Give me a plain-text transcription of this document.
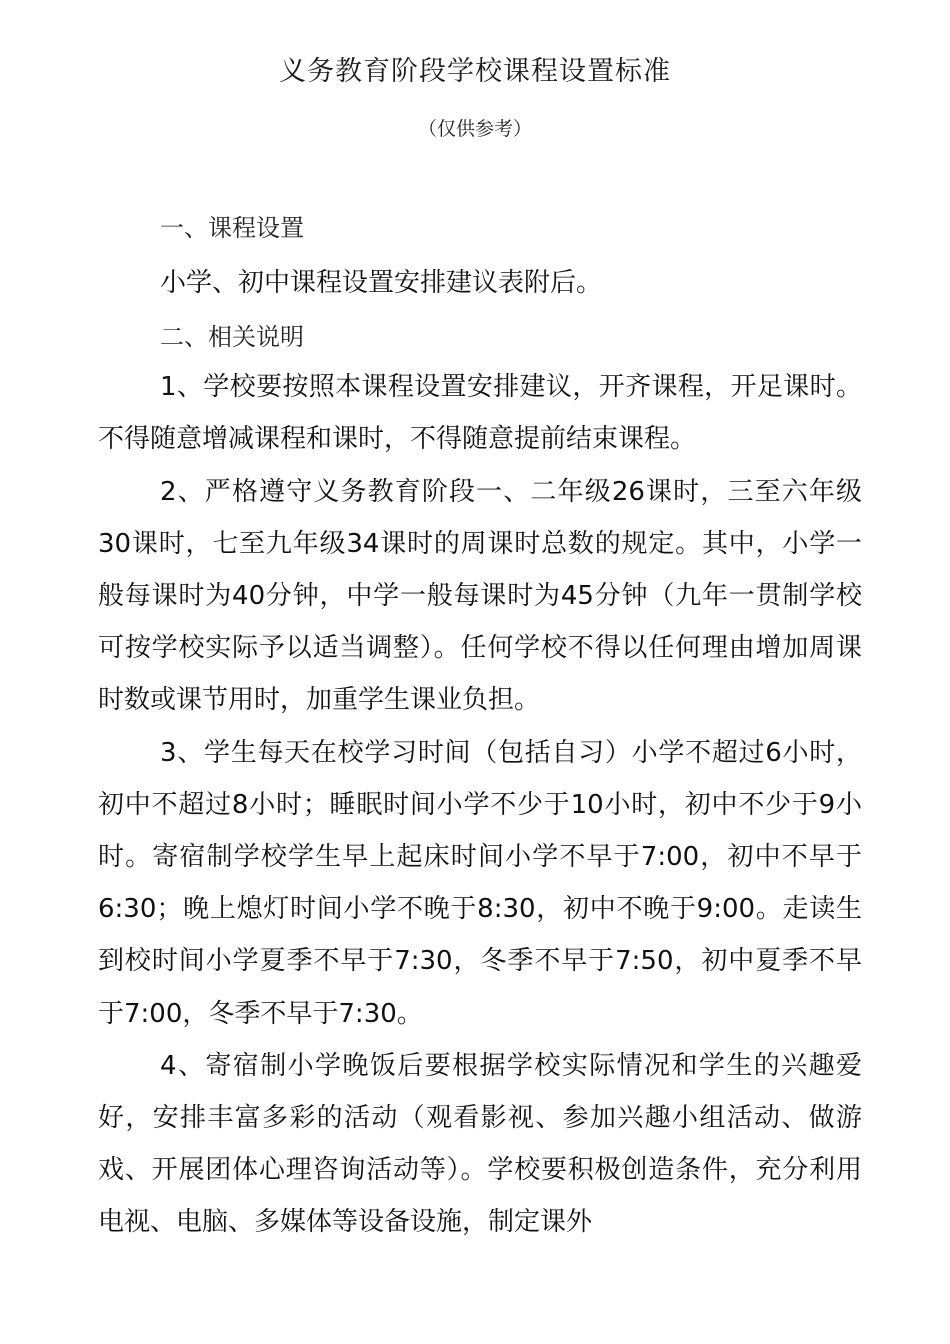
义务教育阶段学校课程设置标准
（仅供参考）
一、课程设置

小学、初中课程设置安排建议表附后。

二、相关说明

1、学校要按照本课程设置安排建议，开齐课程，开足课时。不得随意增减课程和课时，不得随意提前结束课程。

2、严格遵守义务教育阶段一、二年级26课时，三至六年级30课时，七至九年级34课时的周课时总数的规定。其中，小学一般每课时为40分钟，中学一般每课时为45分钟（九年一贯制学校可按学校实际予以适当调整）。任何学校不得以任何理由增加周课时数或课节用时，加重学生课业负担。

3、学生每天在校学习时间（包括自习）小学不超过6小时，初中不超过8小时；睡眠时间小学不少于10小时，初中不少于9小时。寄宿制学校学生早上起床时间小学不早于7:00，初中不早于6:30；晚上熄灯时间小学不晚于8:30，初中不晚于9:00。走读生到校时间小学夏季不早于7:30，冬季不早于7:50，初中夏季不早于7:00，冬季不早于7:30。

4、寄宿制小学晚饭后要根据学校实际情况和学生的兴趣爱好，安排丰富多彩的活动（观看影视、参加兴趣小组活动、做游戏、开展团体心理咨询活动等）。学校要积极创造条件，充分利用电视、电脑、多媒体等设备设施，制定课外
